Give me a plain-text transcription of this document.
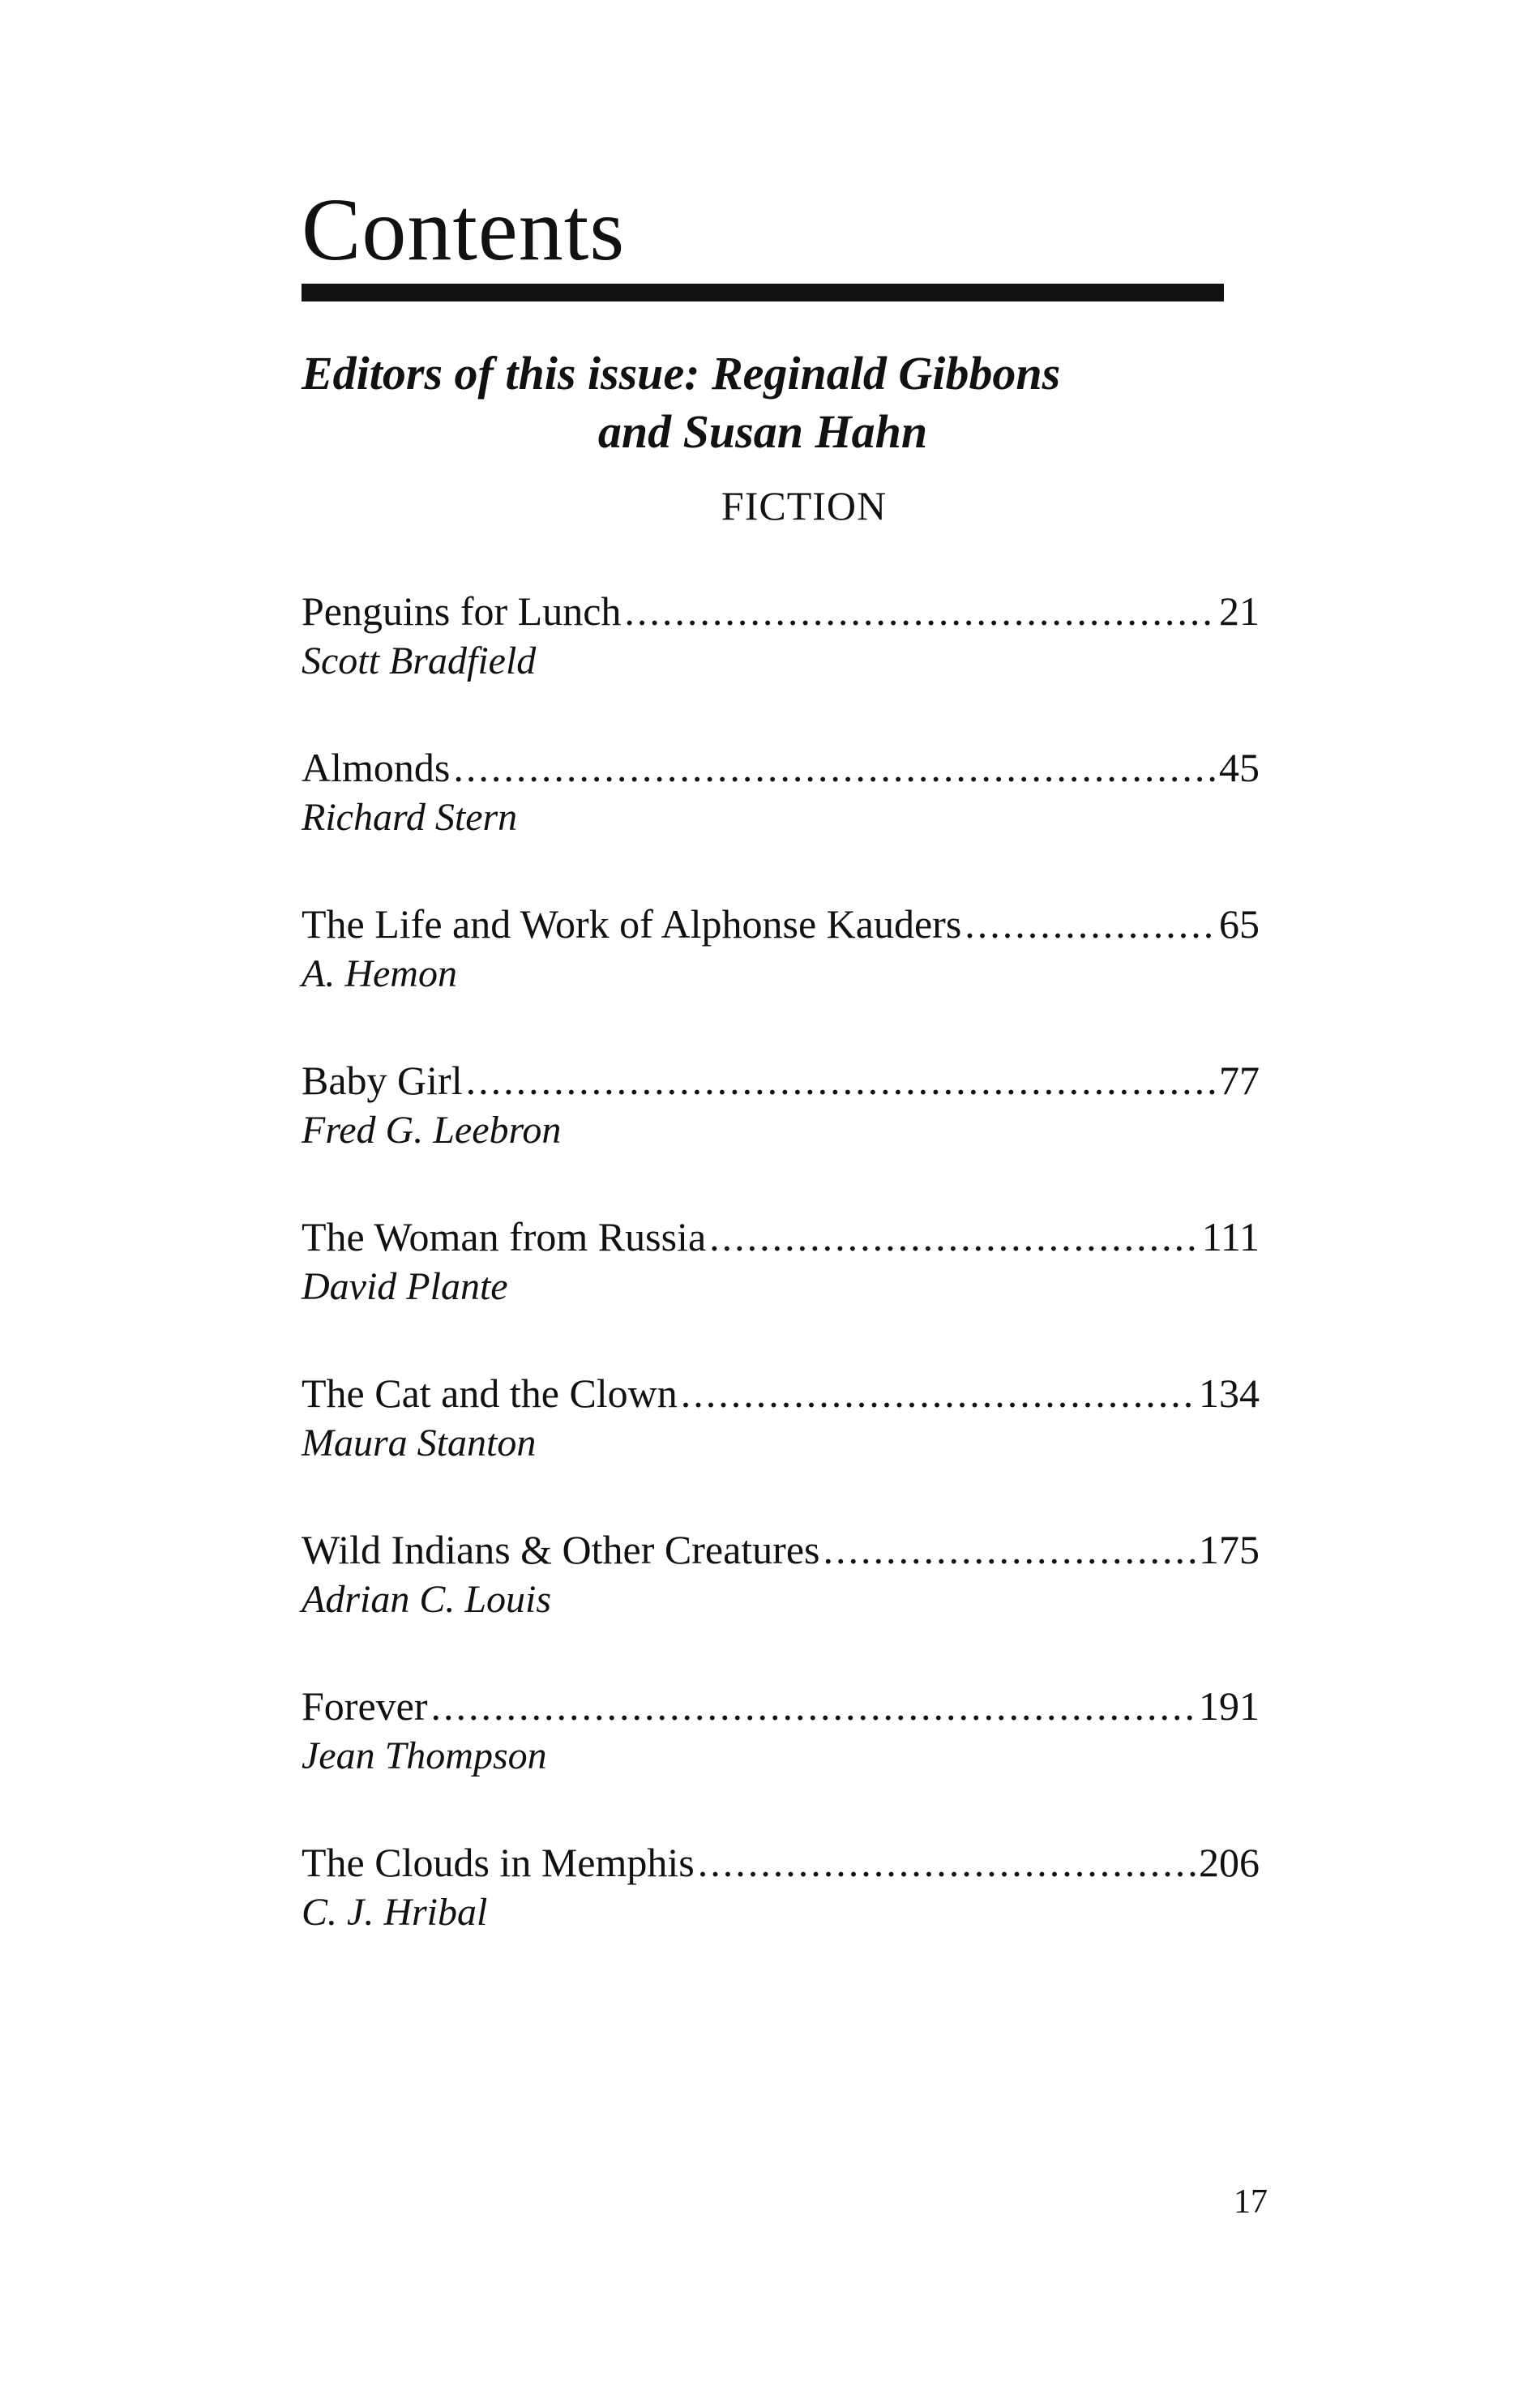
Contents
Editors of this issue: Reginald Gibbons
and Susan Hahn
FICTION
Penguins for Lunch .....	21
Scott Bradfield
Almonds .....	45
Richard Stern
The Life and Work of Alphonse Kauders .....	65
A. Hemon
Baby Girl .....	77
Fred G. Leebron
The Woman from Russia .....	111
David Plante
The Cat and the Clown .....	134
Maura Stanton
Wild Indians & Other Creatures .....	175
Adrian C. Louis
Forever .....	191
Jean Thompson
The Clouds in Memphis .....	206
C. J. Hribal
17
